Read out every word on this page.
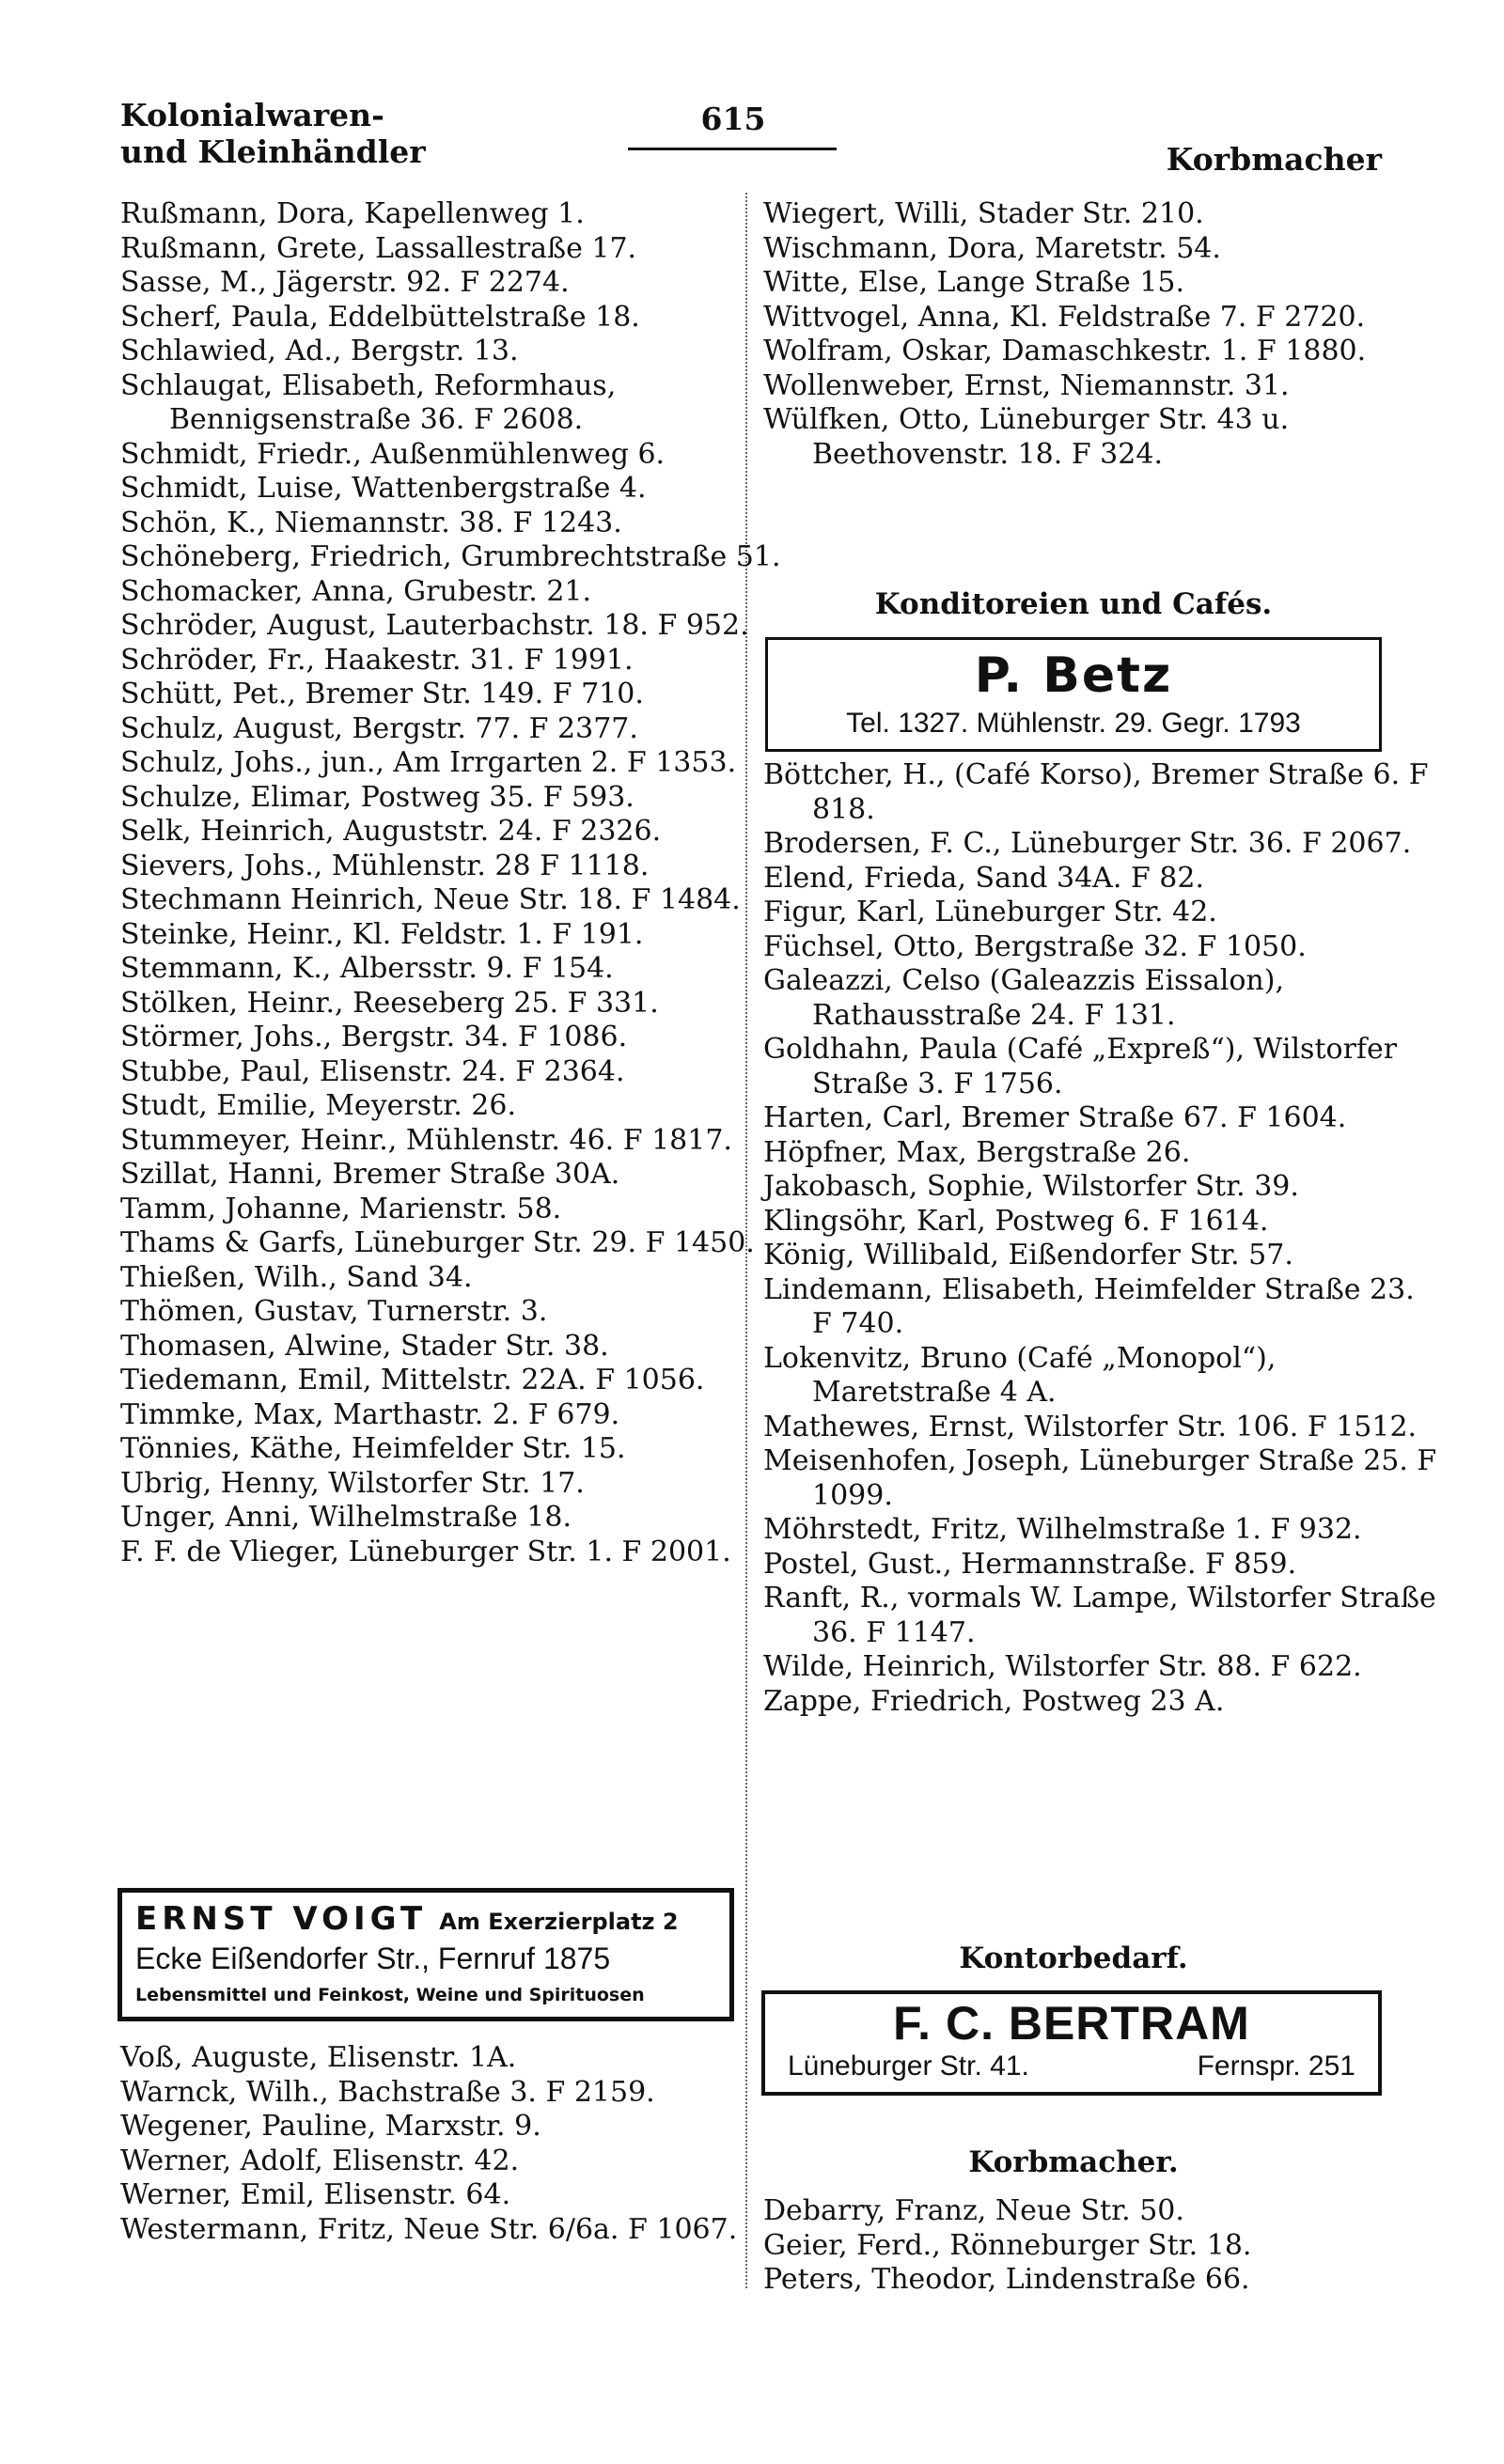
Kolonialwaren-
und Kleinhändler
615
Korbmacher
Rußmann, Dora, Kapellenweg 1.
Rußmann, Grete, Lassallestraße 17.
Sasse, M., Jägerstr. 92. F 2274.
Scherf, Paula, Eddelbüttelstraße 18.
Schlawied, Ad., Bergstr. 13.
Schlaugat, Elisabeth, Reformhaus, Bennigsenstraße 36. F 2608.
Schmidt, Friedr., Außenmühlenweg 6.
Schmidt, Luise, Wattenbergstraße 4.
Schön, K., Niemannstr. 38. F 1243.
Schöneberg, Friedrich, Grumbrechtstraße 51.
Schomacker, Anna, Grubestr. 21.
Schröder, August, Lauterbachstr. 18. F 952.
Schröder, Fr., Haakestr. 31. F 1991.
Schütt, Pet., Bremer Str. 149. F 710.
Schulz, August, Bergstr. 77. F 2377.
Schulz, Johs., jun., Am Irrgarten 2. F 1353.
Schulze, Elimar, Postweg 35. F 593.
Selk, Heinrich, Auguststr. 24. F 2326.
Sievers, Johs., Mühlenstr. 28 F 1118.
Stechmann Heinrich, Neue Str. 18. F 1484.
Steinke, Heinr., Kl. Feldstr. 1. F 191.
Stemmann, K., Albersstr. 9. F 154.
Stölken, Heinr., Reeseberg 25. F 331.
Störmer, Johs., Bergstr. 34. F 1086.
Stubbe, Paul, Elisenstr. 24. F 2364.
Studt, Emilie, Meyerstr. 26.
Stummeyer, Heinr., Mühlenstr. 46. F 1817.
Szillat, Hanni, Bremer Straße 30A.
Tamm, Johanne, Marienstr. 58.
Thams & Garfs, Lüneburger Str. 29. F 1450.
Thießen, Wilh., Sand 34.
Thömen, Gustav, Turnerstr. 3.
Thomasen, Alwine, Stader Str. 38.
Tiedemann, Emil, Mittelstr. 22A. F 1056.
Timmke, Max, Marthastr. 2. F 679.
Tönnies, Käthe, Heimfelder Str. 15.
Ubrig, Henny, Wilstorfer Str. 17.
Unger, Anni, Wilhelmstraße 18.
F. F. de Vlieger, Lüneburger Str. 1. F 2001.
ERNST VOIGT Am Exerzierplatz 2
Ecke Eißendorfer Str., Fernruf 1875
Lebensmittel und Feinkost, Weine und Spirituosen
Voß, Auguste, Elisenstr. 1A.
Warnck, Wilh., Bachstraße 3. F 2159.
Wegener, Pauline, Marxstr. 9.
Werner, Adolf, Elisenstr. 42.
Werner, Emil, Elisenstr. 64.
Westermann, Fritz, Neue Str. 6/6a. F 1067.
Wiegert, Willi, Stader Str. 210.
Wischmann, Dora, Maretstr. 54.
Witte, Else, Lange Straße 15.
Wittvogel, Anna, Kl. Feldstraße 7. F 2720.
Wolfram, Oskar, Damaschkestr. 1. F 1880.
Wollenweber, Ernst, Niemannstr. 31.
Wülfken, Otto, Lüneburger Str. 43 u. Beethovenstr. 18. F 324.
Konditoreien und Cafés.
P. Betz
Tel. 1327. Mühlenstr. 29. Gegr. 1793
Böttcher, H., (Café Korso), Bremer Straße 6. F 818.
Brodersen, F. C., Lüneburger Str. 36. F 2067.
Elend, Frieda, Sand 34A. F 82.
Figur, Karl, Lüneburger Str. 42.
Füchsel, Otto, Bergstraße 32. F 1050.
Galeazzi, Celso (Galeazzis Eissalon), Rathausstraße 24. F 131.
Goldhahn, Paula (Café „Expreß“), Wilstorfer Straße 3. F 1756.
Harten, Carl, Bremer Straße 67. F 1604.
Höpfner, Max, Bergstraße 26.
Jakobasch, Sophie, Wilstorfer Str. 39.
Klingsöhr, Karl, Postweg 6. F 1614.
König, Willibald, Eißendorfer Str. 57.
Lindemann, Elisabeth, Heimfelder Straße 23. F 740.
Lokenvitz, Bruno (Café „Monopol“), Maretstraße 4 A.
Mathewes, Ernst, Wilstorfer Str. 106. F 1512.
Meisenhofen, Joseph, Lüneburger Straße 25. F 1099.
Möhrstedt, Fritz, Wilhelmstraße 1. F 932.
Postel, Gust., Hermannstraße. F 859.
Ranft, R., vormals W. Lampe, Wilstorfer Straße 36. F 1147.
Wilde, Heinrich, Wilstorfer Str. 88. F 622.
Zappe, Friedrich, Postweg 23 A.
Kontorbedarf.
F. C. BERTRAM
Lüneburger Str. 41.	Fernspr. 251
Korbmacher.
Debarry, Franz, Neue Str. 50.
Geier, Ferd., Rönneburger Str. 18.
Peters, Theodor, Lindenstraße 66.
